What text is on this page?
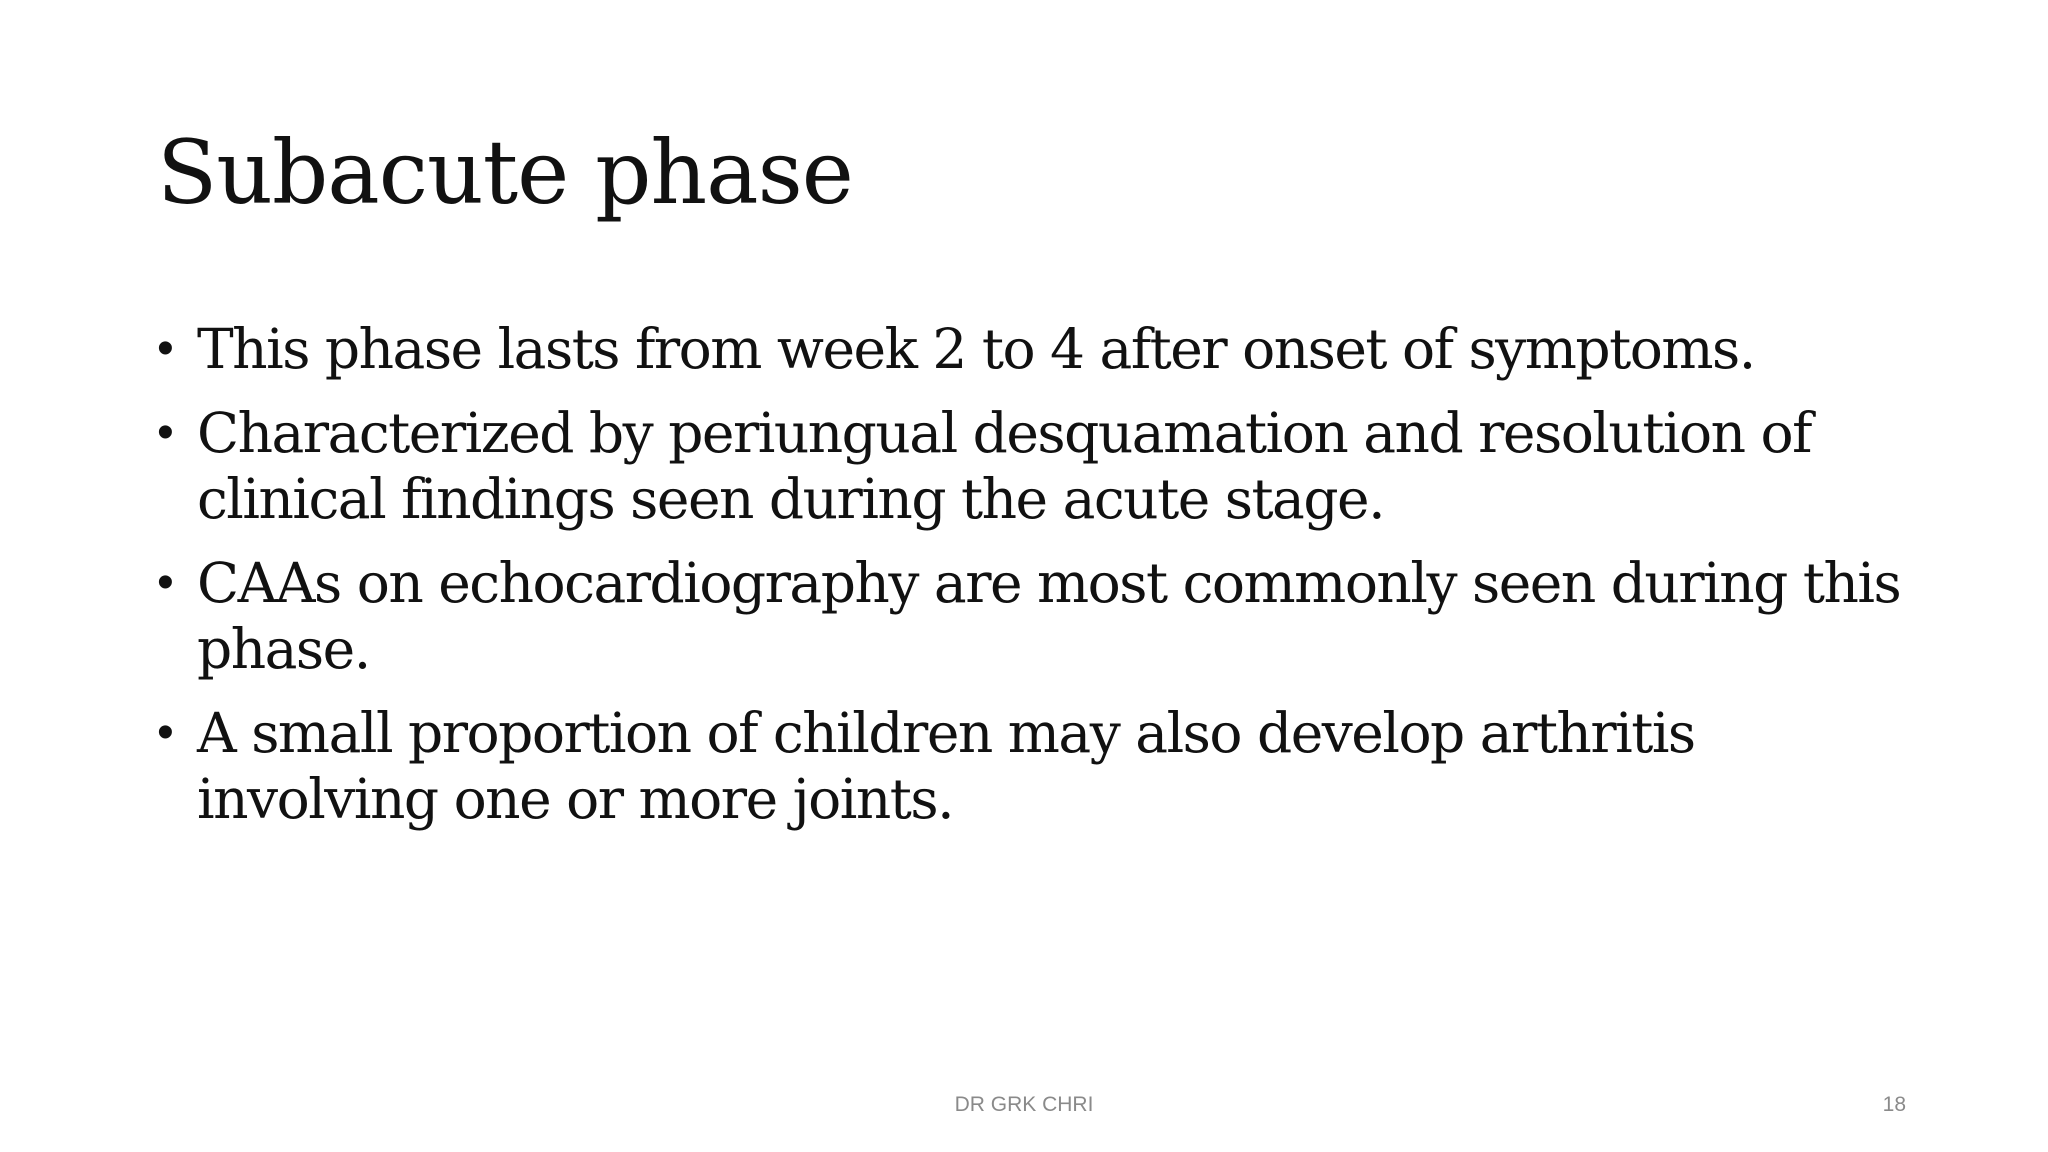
Subacute phase
• This phase lasts from week 2 to 4 after onset of symptoms.
• Characterized by periungual desquamation and resolution of clinical findings seen during the acute stage.
• CAAs on echocardiography are most commonly seen during this phase.
• A small proportion of children may also develop arthritis involving one or more joints.
DR GRK CHRI	18
